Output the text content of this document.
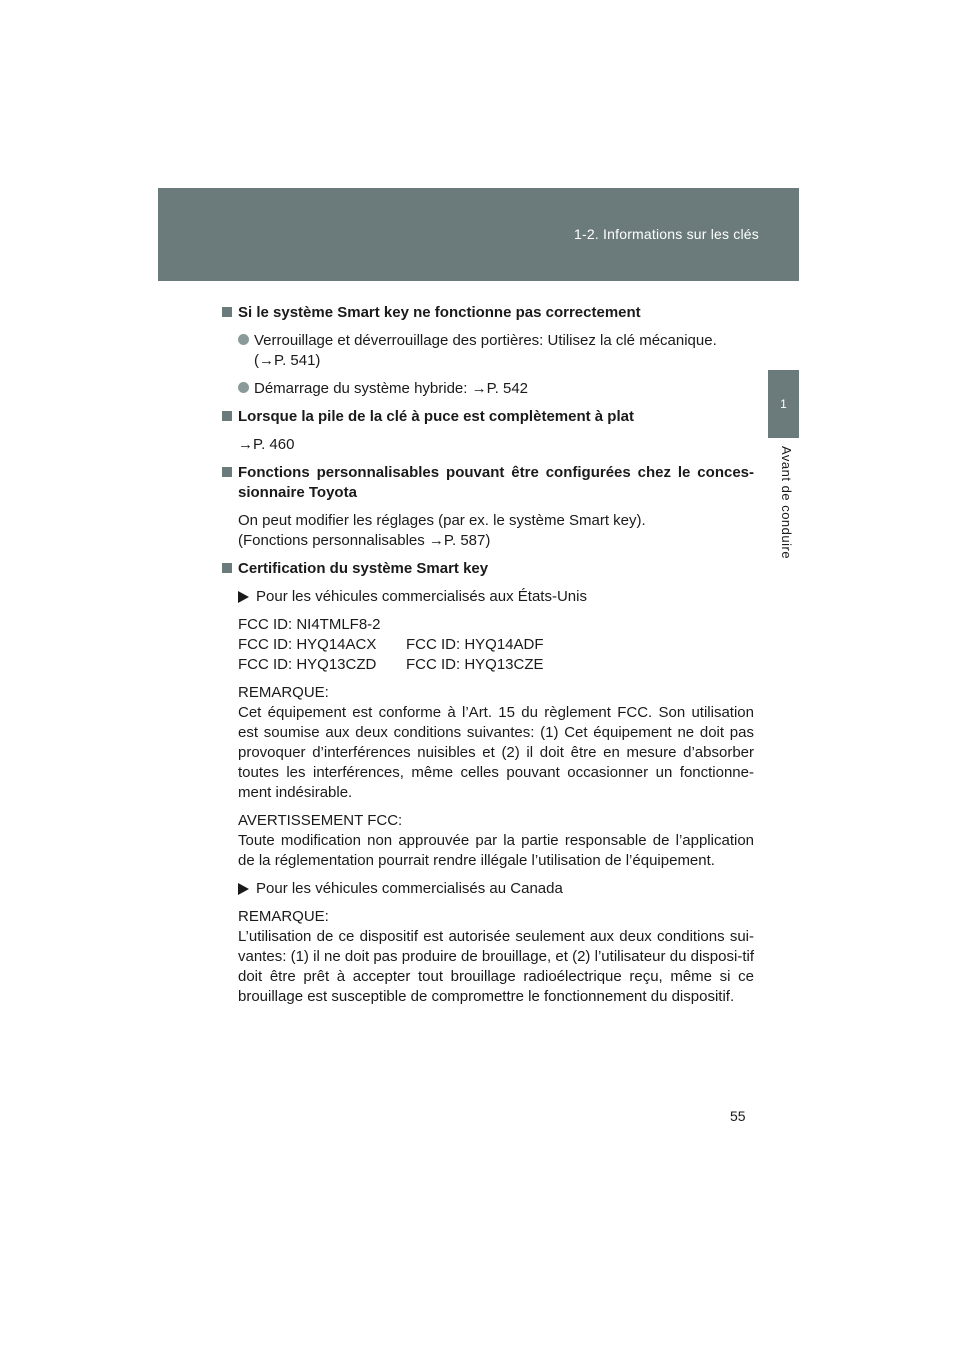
1-2. Informations sur les clés
1
Avant de conduire
Si le système Smart key ne fonctionne pas correctement
Verrouillage et déverrouillage des portières: Utilisez la clé mécanique.
(→P. 541)
Démarrage du système hybride: →P. 542
Lorsque la pile de la clé à puce est complètement à plat
→P. 460
Fonctions personnalisables pouvant être configurées chez le conces-sionnaire Toyota
On peut modifier les réglages (par ex. le système Smart key).
(Fonctions personnalisables →P. 587)
Certification du système Smart key
Pour les véhicules commercialisés aux États-Unis
FCC ID: NI4TMLF8-2
FCC ID: HYQ14ACX	FCC ID: HYQ14ADF
FCC ID: HYQ13CZD	FCC ID: HYQ13CZE
REMARQUE:
Cet équipement est conforme à l’Art. 15 du règlement FCC. Son utilisation est soumise aux deux conditions suivantes: (1) Cet équipement ne doit pas provoquer d’interférences nuisibles et (2) il doit être en mesure d’absorber toutes les interférences, même celles pouvant occasionner un fonctionne-ment indésirable.
AVERTISSEMENT FCC:
Toute modification non approuvée par la partie responsable de l’application de la réglementation pourrait rendre illégale l’utilisation de l’équipement.
Pour les véhicules commercialisés au Canada
REMARQUE:
L’utilisation de ce dispositif est autorisée seulement aux deux conditions sui-vantes: (1) il ne doit pas produire de brouillage, et (2) l’utilisateur du disposi-tif doit être prêt à accepter tout brouillage radioélectrique reçu, même si ce brouillage est susceptible de compromettre le fonctionnement du dispositif.
55
